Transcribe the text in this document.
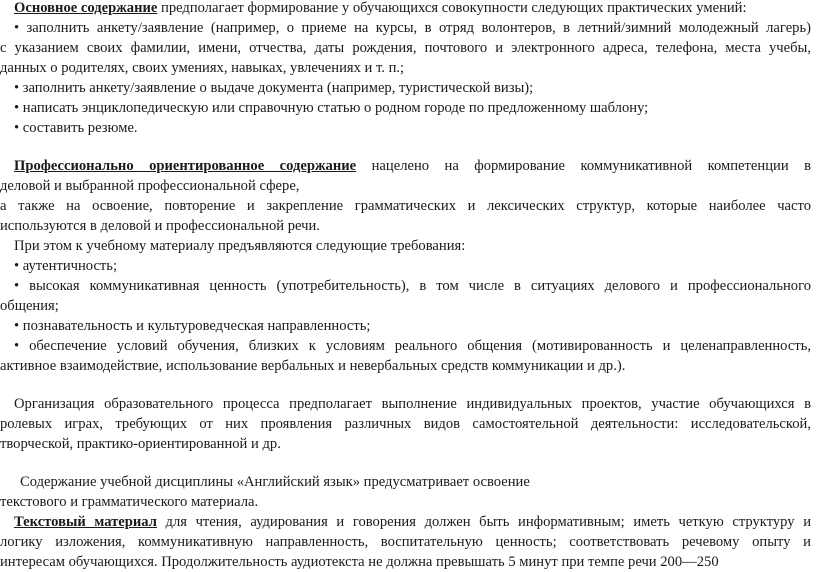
Основное содержание предполагает формирование у обучающихся совокупности следующих практических умений:
• заполнить анкету/заявление (например, о приеме на курсы, в отряд волонтеров, в летний/зимний молодежный лагерь)
с указанием своих фамилии, имени, отчества, даты рождения, почтового и электронного адреса, телефона, места учебы,
данных о родителях, своих умениях, навыках, увлечениях и т. п.;
• заполнить анкету/заявление о выдаче документа (например, туристической визы);
• написать энциклопедическую или справочную статью о родном городе по предложенному шаблону;
• составить резюме.
Профессионально ориентированное содержание нацелено на формирование коммуникативной компетенции в
деловой и выбранной профессиональной сфере,
а также на освоение, повторение и закрепление грамматических и лексических структур, которые наиболее часто
используются в деловой и профессиональной речи.
При этом к учебному материалу предъявляются следующие требования:
• аутентичность;
• высокая коммуникативная ценность (употребительность), в том числе в ситуациях делового и профессионального
общения;
• познавательность и культуроведческая направленность;
• обеспечение условий обучения, близких к условиям реального общения (мотивированность и целенаправленность,
активное взаимодействие, использование вербальных и невербальных средств коммуникации и др.).
Организация образовательного процесса предполагает выполнение индивидуальных проектов, участие обучающихся в
ролевых играх, требующих от них проявления различных видов самостоятельной деятельности: исследовательской,
творческой, практико-ориентированной и др.
Содержание учебной дисциплины «Английский язык» предусматривает освоение
текстового и грамматического материала.
Текстовый материал для чтения, аудирования и говорения должен быть информативным; иметь четкую структуру и
логику изложения, коммуникативную направленность, воспитательную ценность; соответствовать речевому опыту и
интересам обучающихся. Продолжительность аудиотекста не должна превышать 5 минут при темпе речи 200—250
